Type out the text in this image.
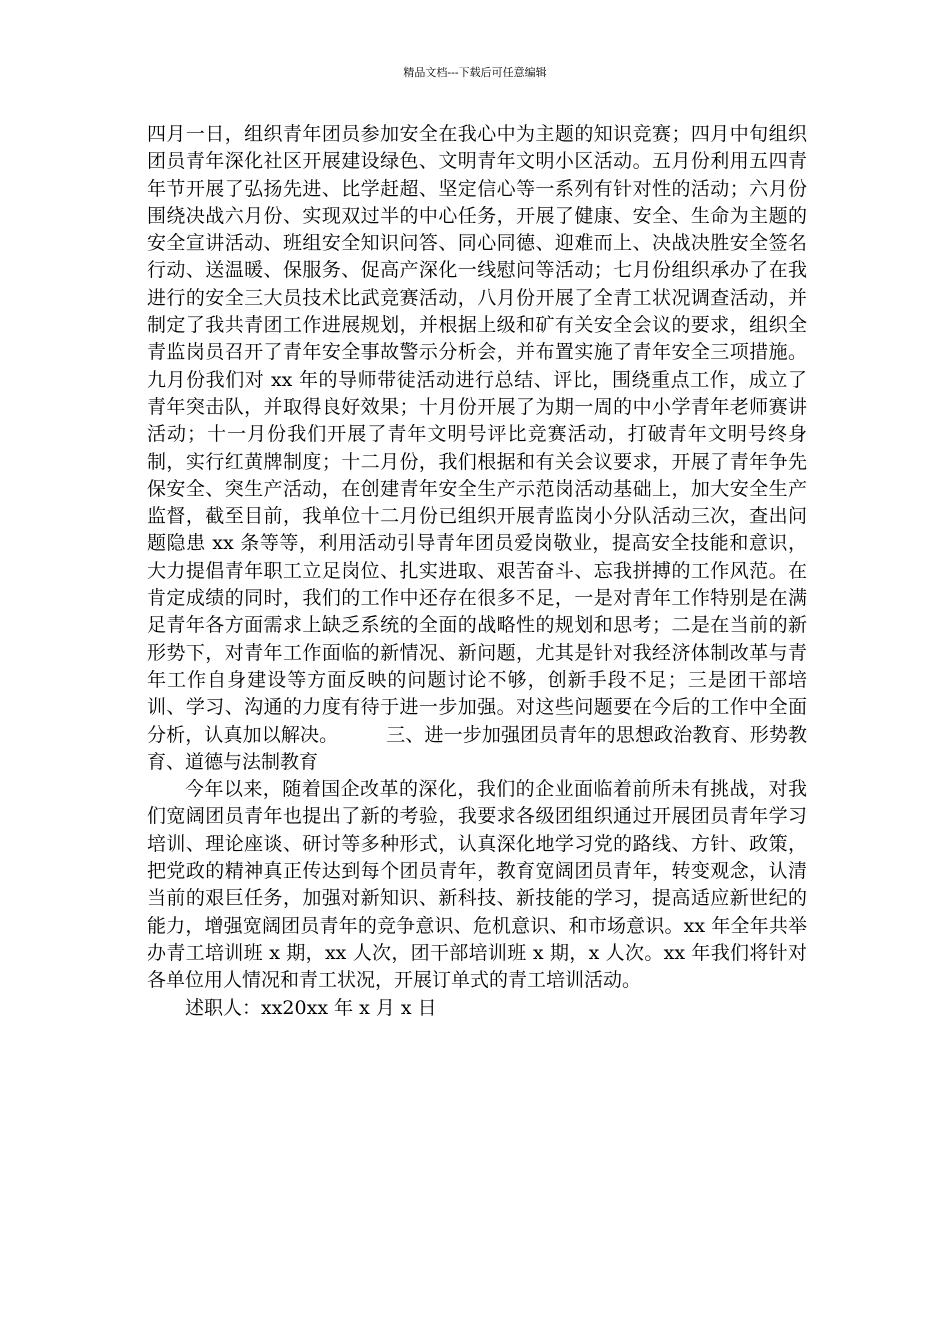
精品文档---下载后可任意编辑

四月一日，组织青年团员参加安全在我心中为主题的知识竞赛；四月中旬组织团员青年深化社区开展建设绿色、文明青年文明小区活动。五月份利用五四青年节开展了弘扬先进、比学赶超、坚定信心等一系列有针对性的活动；六月份围绕决战六月份、实现双过半的中心任务，开展了健康、安全、生命为主题的安全宣讲活动、班组安全知识问答、同心同德、迎难而上、决战决胜安全签名行动、送温暖、保服务、促高产深化一线慰问等活动；七月份组织承办了在我进行的安全三大员技术比武竞赛活动，八月份开展了全青工状况调查活动，并制定了我共青团工作进展规划，并根据上级和矿有关安全会议的要求，组织全青监岗员召开了青年安全事故警示分析会，并布置实施了青年安全三项措施。九月份我们对 xx 年的导师带徒活动进行总结、评比，围绕重点工作，成立了青年突击队，并取得良好效果；十月份开展了为期一周的中小学青年老师赛讲活动；十一月份我们开展了青年文明号评比竞赛活动，打破青年文明号终身制，实行红黄牌制度；十二月份，我们根据和有关会议要求，开展了青年争先保安全、突生产活动，在创建青年安全生产示范岗活动基础上，加大安全生产监督，截至目前，我单位十二月份已组织开展青监岗小分队活动三次，查出问题隐患 xx 条等等，利用活动引导青年团员爱岗敬业，提高安全技能和意识，大力提倡青年职工立足岗位、扎实进取、艰苦奋斗、忘我拼搏的工作风范。在肯定成绩的同时，我们的工作中还存在很多不足，一是对青年工作特别是在满足青年各方面需求上缺乏系统的全面的战略性的规划和思考；二是在当前的新形势下，对青年工作面临的新情况、新问题，尤其是针对我经济体制改革与青年工作自身建设等方面反映的问题讨论不够，创新手段不足；三是团干部培训、学习、沟通的力度有待于进一步加强。对这些问题要在今后的工作中全面分析，认真加以解决。　　　三、进一步加强团员青年的思想政治教育、形势教育、道德与法制教育

今年以来，随着国企改革的深化，我们的企业面临着前所未有挑战，对我们宽阔团员青年也提出了新的考验，我要求各级团组织通过开展团员青年学习培训、理论座谈、研讨等多种形式，认真深化地学习党的路线、方针、政策，把党政的精神真正传达到每个团员青年，教育宽阔团员青年，转变观念，认清当前的艰巨任务，加强对新知识、新科技、新技能的学习，提高适应新世纪的能力，增强宽阔团员青年的竞争意识、危机意识、和市场意识。xx 年全年共举办青工培训班 x 期，xx 人次，团干部培训班 x 期，x 人次。xx 年我们将针对各单位用人情况和青工状况，开展订单式的青工培训活动。

述职人：xx20xx 年 x 月 x 日
